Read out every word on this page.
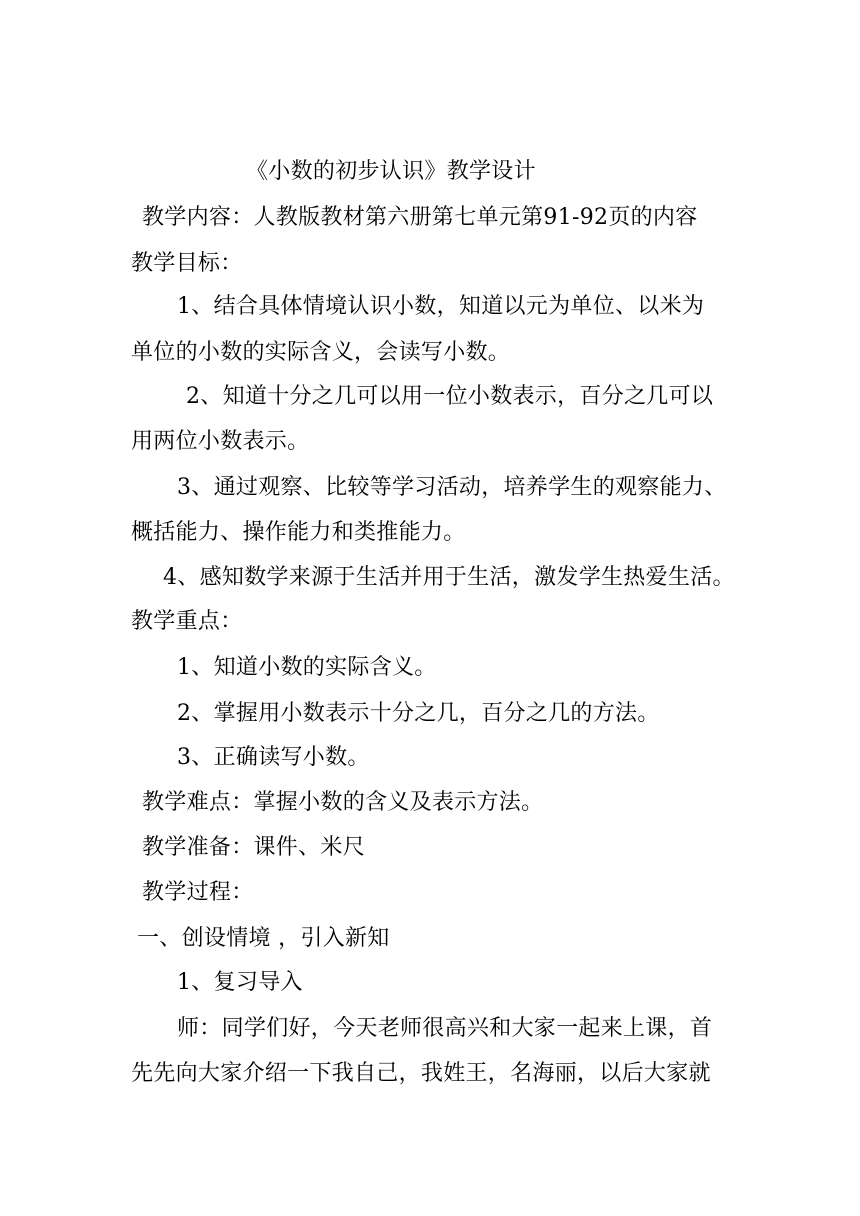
《小数的初步认识》教学设计
教学内容：人教版教材第六册第七单元第91-92页的内容
教学目标：
1、结合具体情境认识小数，知道以元为单位、以米为
单位的小数的实际含义，会读写小数。
2、知道十分之几可以用一位小数表示，百分之几可以
用两位小数表示。
3、通过观察、比较等学习活动，培养学生的观察能力、
概括能力、操作能力和类推能力。
4、感知数学来源于生活并用于生活，激发学生热爱生活。
教学重点：
1、知道小数的实际含义。
2、掌握用小数表示十分之几，百分之几的方法。
3、正确读写小数。
教学难点：掌握小数的含义及表示方法。
教学准备：课件、米尺
教学过程：
一、创设情境 ，引入新知
1、复习导入
师：同学们好，今天老师很高兴和大家一起来上课，首
先先向大家介绍一下我自己，我姓王，名海丽，以后大家就
